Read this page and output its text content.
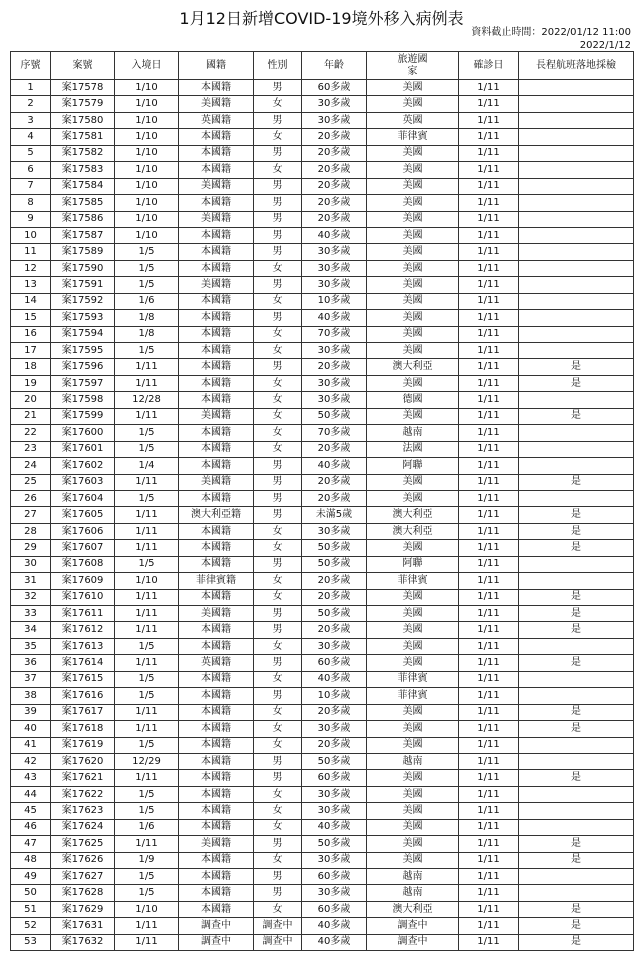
1月12日新增COVID-19境外移入病例表
資料截止時間：2022/01/12 11:00
2022/1/12
序號	案號	入境日	國籍	性別	年齡	旅遊國家	確診日	長程航班落地採檢
1	案17578	1/10	本國籍	男	60多歲	美國	1/11	
2	案17579	1/10	美國籍	女	30多歲	美國	1/11	
3	案17580	1/10	英國籍	男	30多歲	英國	1/11	
4	案17581	1/10	本國籍	女	20多歲	菲律賓	1/11	
5	案17582	1/10	本國籍	男	20多歲	美國	1/11	
6	案17583	1/10	本國籍	女	20多歲	美國	1/11	
7	案17584	1/10	美國籍	男	20多歲	美國	1/11	
8	案17585	1/10	本國籍	男	20多歲	美國	1/11	
9	案17586	1/10	美國籍	男	20多歲	美國	1/11	
10	案17587	1/10	本國籍	男	40多歲	美國	1/11	
11	案17589	1/5	本國籍	男	30多歲	美國	1/11	
12	案17590	1/5	本國籍	女	30多歲	美國	1/11	
13	案17591	1/5	美國籍	男	30多歲	美國	1/11	
14	案17592	1/6	本國籍	女	10多歲	美國	1/11	
15	案17593	1/8	本國籍	男	40多歲	美國	1/11	
16	案17594	1/8	本國籍	女	70多歲	美國	1/11	
17	案17595	1/5	本國籍	女	30多歲	美國	1/11	
18	案17596	1/11	本國籍	男	20多歲	澳大利亞	1/11	是
19	案17597	1/11	本國籍	女	30多歲	美國	1/11	是
20	案17598	12/28	本國籍	女	30多歲	德國	1/11	
21	案17599	1/11	美國籍	女	50多歲	美國	1/11	是
22	案17600	1/5	本國籍	女	70多歲	越南	1/11	
23	案17601	1/5	本國籍	女	20多歲	法國	1/11	
24	案17602	1/4	本國籍	男	40多歲	阿聯	1/11	
25	案17603	1/11	美國籍	男	20多歲	美國	1/11	是
26	案17604	1/5	本國籍	男	20多歲	美國	1/11	
27	案17605	1/11	澳大利亞籍	男	未滿5歲	澳大利亞	1/11	是
28	案17606	1/11	本國籍	女	30多歲	澳大利亞	1/11	是
29	案17607	1/11	本國籍	女	50多歲	美國	1/11	是
30	案17608	1/5	本國籍	男	50多歲	阿聯	1/11	
31	案17609	1/10	菲律賓籍	女	20多歲	菲律賓	1/11	
32	案17610	1/11	本國籍	女	20多歲	美國	1/11	是
33	案17611	1/11	美國籍	男	50多歲	美國	1/11	是
34	案17612	1/11	本國籍	男	20多歲	美國	1/11	是
35	案17613	1/5	本國籍	女	30多歲	美國	1/11	
36	案17614	1/11	英國籍	男	60多歲	美國	1/11	是
37	案17615	1/5	本國籍	女	40多歲	菲律賓	1/11	
38	案17616	1/5	本國籍	男	10多歲	菲律賓	1/11	
39	案17617	1/11	本國籍	女	20多歲	美國	1/11	是
40	案17618	1/11	本國籍	女	30多歲	美國	1/11	是
41	案17619	1/5	本國籍	女	20多歲	美國	1/11	
42	案17620	12/29	本國籍	男	50多歲	越南	1/11	
43	案17621	1/11	本國籍	男	60多歲	美國	1/11	是
44	案17622	1/5	本國籍	女	30多歲	美國	1/11	
45	案17623	1/5	本國籍	女	30多歲	美國	1/11	
46	案17624	1/6	本國籍	女	40多歲	美國	1/11	
47	案17625	1/11	美國籍	男	50多歲	美國	1/11	是
48	案17626	1/9	本國籍	女	30多歲	美國	1/11	是
49	案17627	1/5	本國籍	男	60多歲	越南	1/11	
50	案17628	1/5	本國籍	男	30多歲	越南	1/11	
51	案17629	1/10	本國籍	女	60多歲	澳大利亞	1/11	是
52	案17631	1/11	調查中	調查中	40多歲	調查中	1/11	是
53	案17632	1/11	調查中	調查中	40多歲	調查中	1/11	是
